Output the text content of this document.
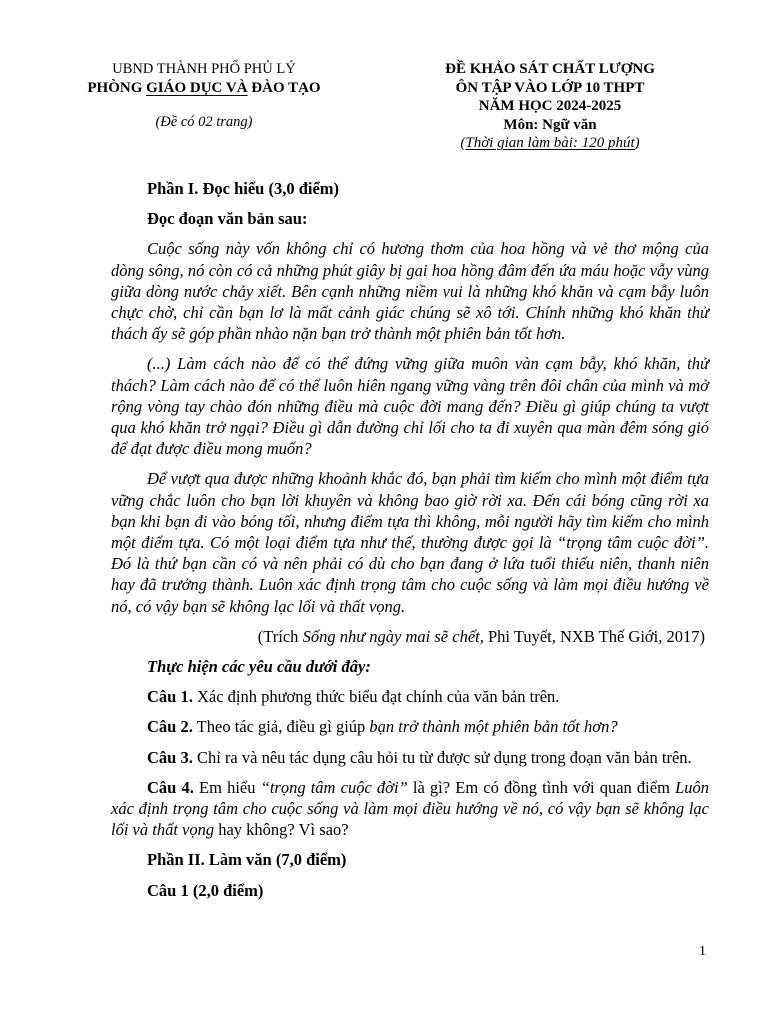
UBND THÀNH PHỐ PHỦ LÝ
PHÒNG GIÁO DỤC VÀ ĐÀO TẠO
(Đề có 02 trang)
ĐỀ KHẢO SÁT CHẤT LƯỢNG
ÔN TẬP VÀO LỚP 10 THPT
NĂM HỌC 2024-2025
Môn: Ngữ văn
(Thời gian làm bài: 120 phút)

Phần I. Đọc hiểu (3,0 điểm)

Đọc đoạn văn bản sau:

Cuộc sống này vốn không chỉ có hương thơm của hoa hồng và vẻ thơ mộng của dòng sông, nó còn có cả những phút giây bị gai hoa hồng đâm đến ứa máu hoặc vẫy vùng giữa dòng nước chảy xiết. Bên cạnh những niềm vui là những khó khăn và cạm bẫy luôn chực chờ, chỉ cần bạn lơ là mất cảnh giác chúng sẽ xô tới. Chính những khó khăn thử thách ấy sẽ góp phần nhào nặn bạn trở thành một phiên bản tốt hơn.

(...) Làm cách nào để có thể đứng vững giữa muôn vàn cạm bẫy, khó khăn, thử thách? Làm cách nào để có thể luôn hiên ngang vững vàng trên đôi chân của mình và mở rộng vòng tay chào đón những điều mà cuộc đời mang đến? Điều gì giúp chúng ta vượt qua khó khăn trở ngại? Điều gì dẫn đường chỉ lối cho ta đi xuyên qua màn đêm sóng gió để đạt được điều mong muốn?

Để vượt qua được những khoảnh khắc đó, bạn phải tìm kiếm cho mình một điểm tựa vững chắc luôn cho bạn lời khuyên và không bao giờ rời xa. Đến cái bóng cũng rời xa bạn khi bạn đi vào bóng tối, nhưng điểm tựa thì không, mỗi người hãy tìm kiếm cho mình một điểm tựa. Có một loại điểm tựa như thế, thường được gọi là “trọng tâm cuộc đời”. Đó là thứ bạn cần có và nên phải có dù cho bạn đang ở lứa tuổi thiếu niên, thanh niên hay đã trưởng thành. Luôn xác định trọng tâm cho cuộc sống và làm mọi điều hướng về nó, có vậy bạn sẽ không lạc lối và thất vọng.

(Trích Sống như ngày mai sẽ chết, Phi Tuyết, NXB Thế Giới, 2017)

Thực hiện các yêu cầu dưới đây:

Câu 1. Xác định phương thức biểu đạt chính của văn bản trên.

Câu 2. Theo tác giả, điều gì giúp bạn trở thành một phiên bản tốt hơn?

Câu 3. Chỉ ra và nêu tác dụng câu hỏi tu từ được sử dụng trong đoạn văn bản trên.

Câu 4. Em hiểu “trọng tâm cuộc đời” là gì? Em có đồng tình với quan điểm Luôn xác định trọng tâm cho cuộc sống và làm mọi điều hướng về nó, có vậy bạn sẽ không lạc lối và thất vọng hay không? Vì sao?

Phần II. Làm văn (7,0 điểm)

Câu 1 (2,0 điểm)

1
